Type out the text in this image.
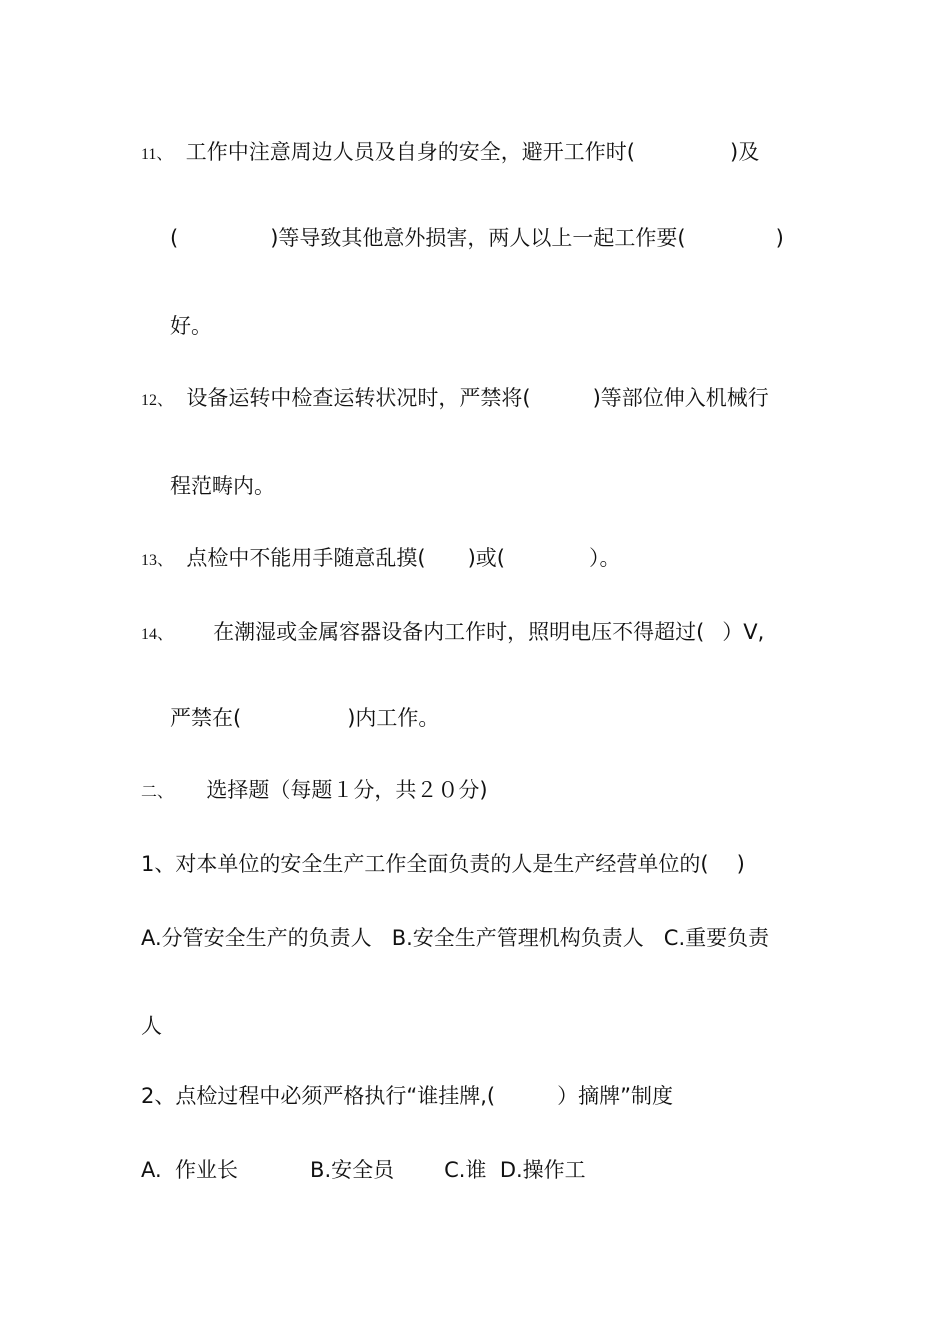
11、 工作中注意周边人员及自身的安全，避开工作时(	)及
(	)等导致其他意外损害，两人以上一起工作要(	)
好。
12、 设备运转中检查运转状况时，严禁将(	)等部位伸入机械行
程范畴内。
13、 点检中不能用手随意乱摸( )或(	）。
14、 在潮湿或金属容器设备内工作时，照明电压不得超过( ）V,
严禁在(	)内工作。
二、 选择题（每题１分，共２０分)
1、对本单位的安全生产工作全面负责的人是生产经营单位的( )
A.分管安全生产的负责人   B.安全生产管理机构负责人   C.重要负责
人
2、点检过程中必须严格执行“谁挂牌,(	）摘牌”制度
A.  作业长	B.安全员 C.谁  D.操作工
